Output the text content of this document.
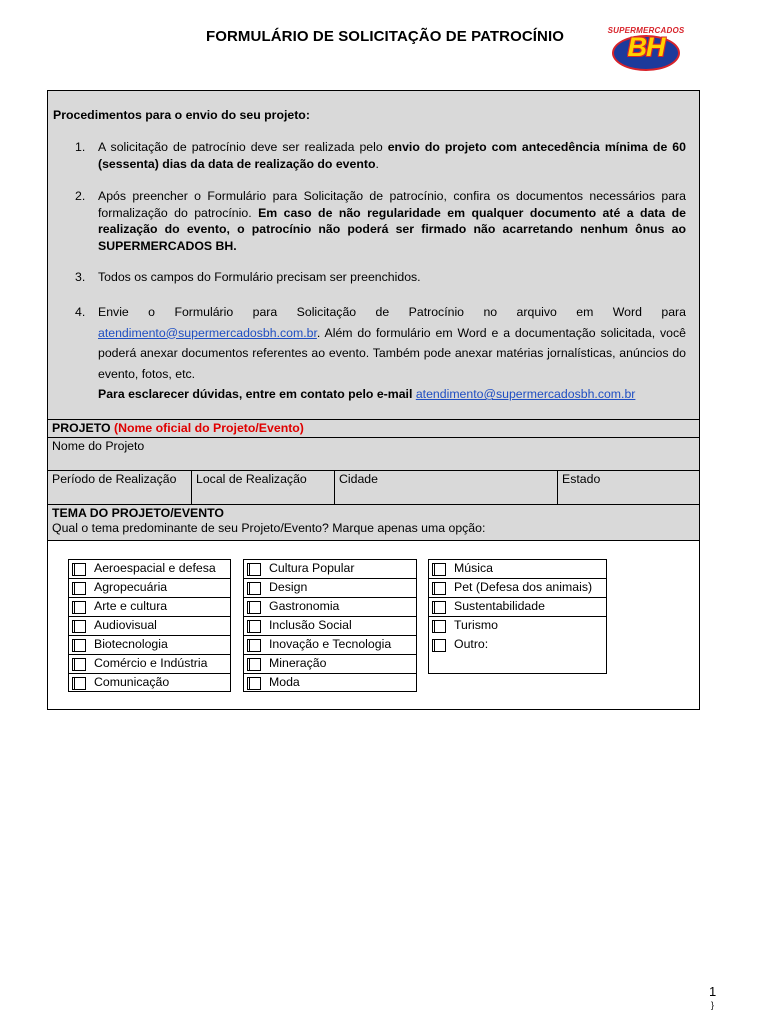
FORMULÁRIO DE SOLICITAÇÃO DE PATROCÍNIO	SUPERMERCADOS
BH
Procedimentos para o envio do seu projeto:
1. A solicitação de patrocínio deve ser realizada pelo envio do projeto com antecedência mínima de 60 (sessenta) dias da data de realização do evento.
2. Após preencher o Formulário para Solicitação de patrocínio, confira os documentos necessários para formalização do patrocínio. Em caso de não regularidade em qualquer documento até a data de realização do evento, o patrocínio não poderá ser firmado não acarretando nenhum ônus ao SUPERMERCADOS BH.
3. Todos os campos do Formulário precisam ser preenchidos.
4. Envie o Formulário para Solicitação de Patrocínio no arquivo em Word para atendimento@supermercadosbh.com.br. Além do formulário em Word e a documentação solicitada, você poderá anexar documentos referentes ao evento. Também pode anexar matérias jornalísticas, anúncios do evento, fotos, etc.
Para esclarecer dúvidas, entre em contato pelo e-mail atendimento@supermercadosbh.com.br
PROJETO (Nome oficial do Projeto/Evento)
Nome do Projeto
Período de Realização	Local de Realização	Cidade	Estado
TEMA DO PROJETO/EVENTO
Qual o tema predominante de seu Projeto/Evento? Marque apenas uma opção:
Aeroespacial e defesa
Agropecuária
Arte e cultura
Audiovisual
Biotecnologia
Comércio e Indústria
Comunicação
Cultura Popular
Design
Gastronomia
Inclusão Social
Inovação e Tecnologia
Mineração
Moda
Música
Pet (Defesa dos animais)
Sustentabilidade
Turismo
Outro:
1
}
